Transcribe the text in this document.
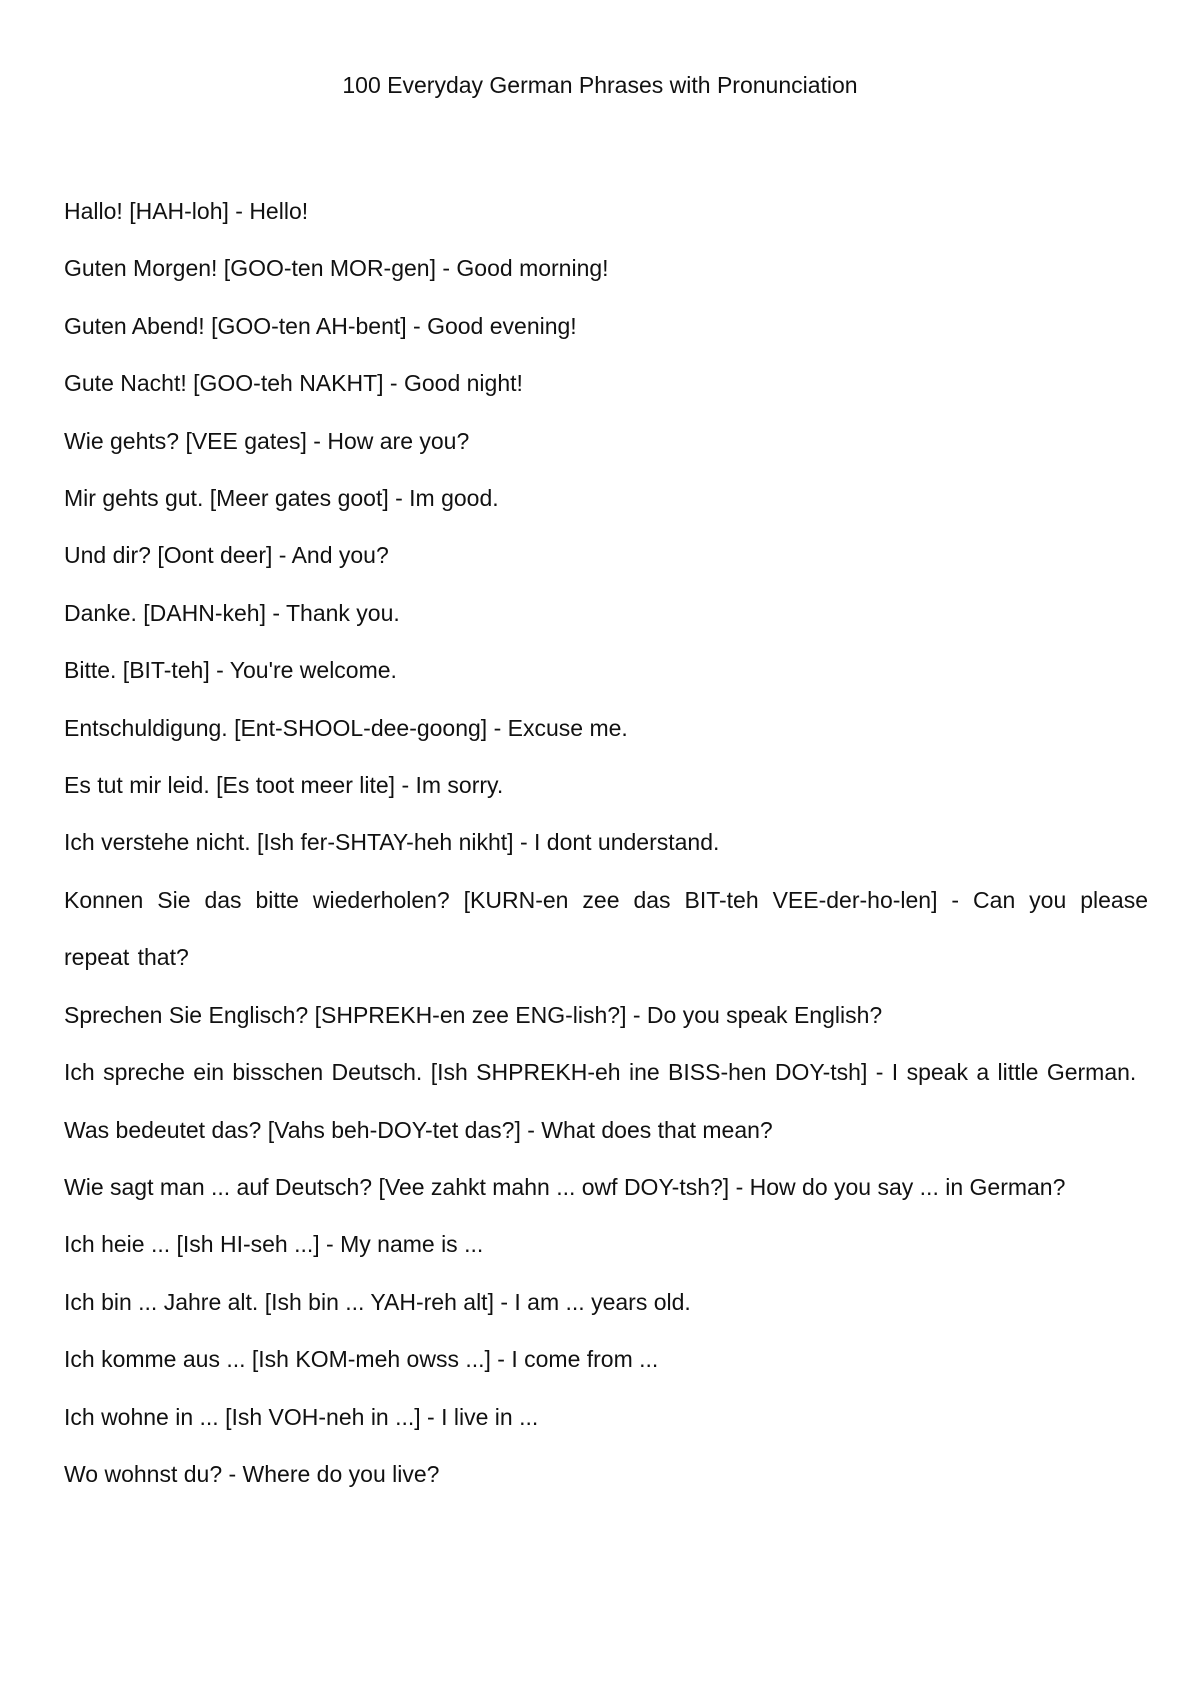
100 Everyday German Phrases with Pronunciation
Hallo! [HAH-loh] - Hello!
Guten Morgen! [GOO-ten MOR-gen] - Good morning!
Guten Abend! [GOO-ten AH-bent] - Good evening!
Gute Nacht! [GOO-teh NAKHT] - Good night!
Wie gehts? [VEE gates] - How are you?
Mir gehts gut. [Meer gates goot] - Im good.
Und dir? [Oont deer] - And you?
Danke. [DAHN-keh] - Thank you.
Bitte. [BIT-teh] - You're welcome.
Entschuldigung. [Ent-SHOOL-dee-goong] - Excuse me.
Es tut mir leid. [Es toot meer lite] - Im sorry.
Ich verstehe nicht. [Ish fer-SHTAY-heh nikht] - I dont understand.
Konnen Sie das bitte wiederholen? [KURN-en zee das BIT-teh VEE-der-ho-len] - Can you please repeat that?
Sprechen Sie Englisch? [SHPREKH-en zee ENG-lish?] - Do you speak English?
Ich spreche ein bisschen Deutsch. [Ish SHPREKH-eh ine BISS-hen DOY-tsh] - I speak a little German.
Was bedeutet das? [Vahs beh-DOY-tet das?] - What does that mean?
Wie sagt man ... auf Deutsch? [Vee zahkt mahn ... owf DOY-tsh?] - How do you say ... in German?
Ich heie ... [Ish HI-seh ...] - My name is ...
Ich bin ... Jahre alt. [Ish bin ... YAH-reh alt] - I am ... years old.
Ich komme aus ... [Ish KOM-meh owss ...] - I come from ...
Ich wohne in ... [Ish VOH-neh in ...] - I live in ...
Wo wohnst du? - Where do you live?
